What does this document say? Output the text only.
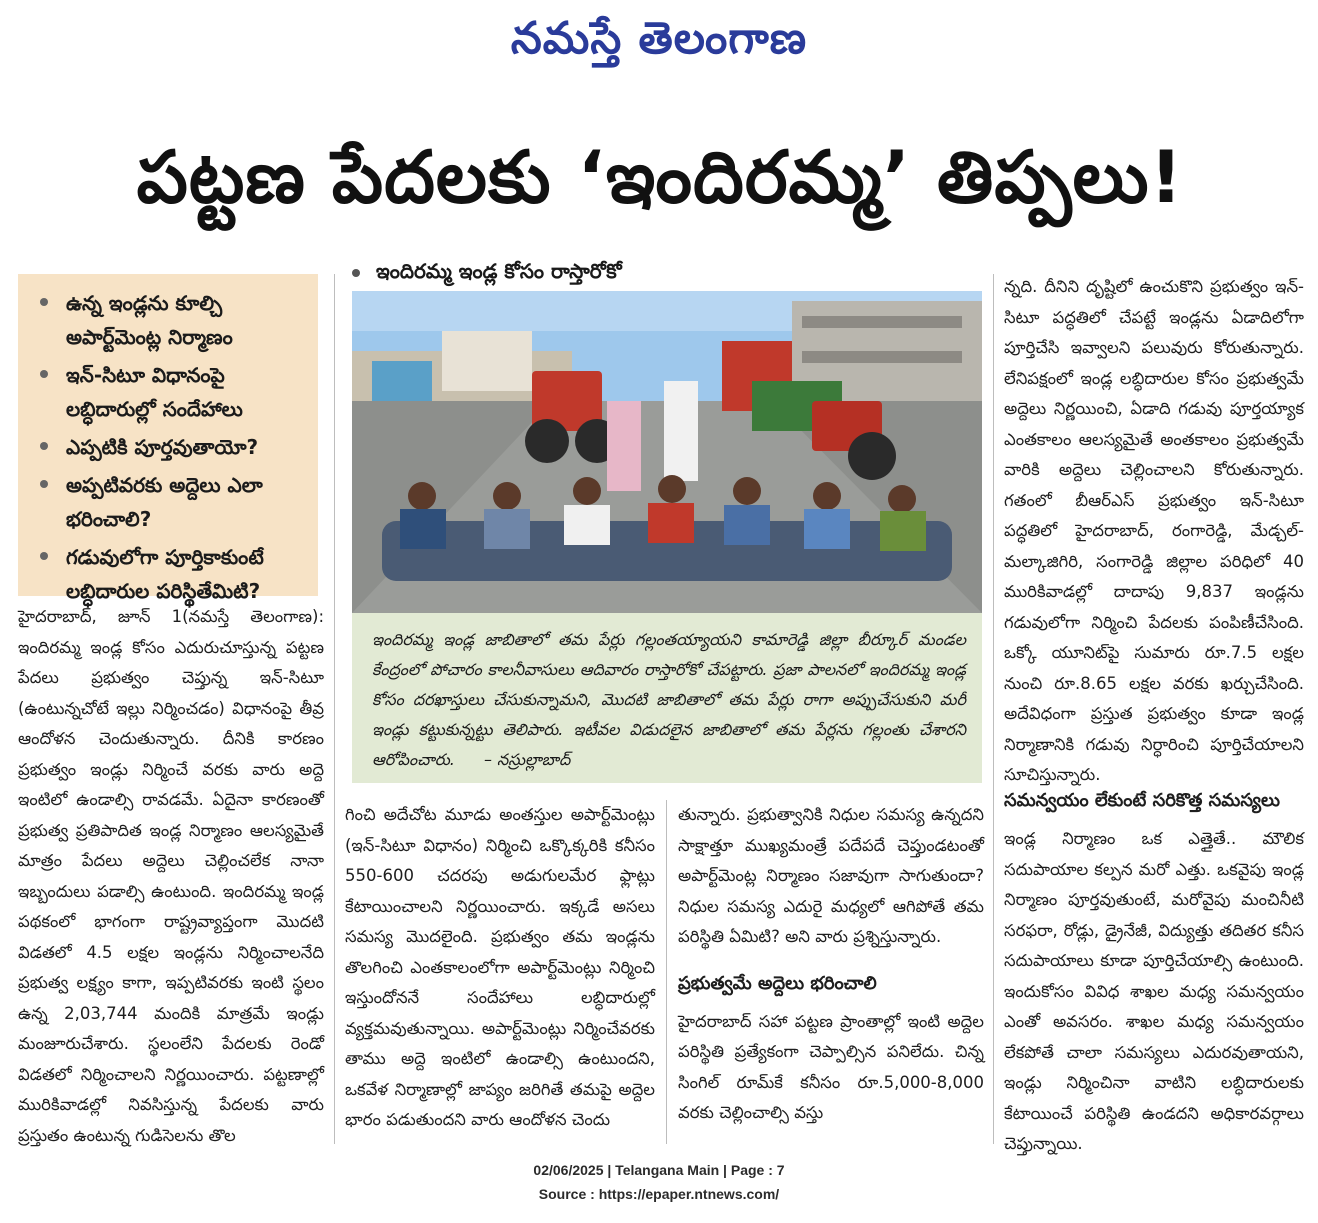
నమస్తే తెలంగాణ
పట్టణ పేదలకు ‘ఇందిరమ్మ’ తిప్పలు!
ఉన్న ఇండ్లను కూల్చి అపార్ట్‌మెంట్ల నిర్మాణం
ఇన్‌-సిటూ విధానంపై లబ్ధిదారుల్లో సందేహాలు
ఎప్పటికి పూర్తవుతాయో?
అప్పటివరకు అద్దెలు ఎలా భరించాలి?
గడువులోగా పూర్తికాకుంటే లబ్ధిదారుల పరిస్థితేమిటి?

హైదరాబాద్‌, జూన్‌ 1(నమస్తే తెలంగాణ): ఇందిరమ్మ ఇండ్ల కోసం ఎదురుచూస్తున్న పట్టణ పేదలు ప్రభుత్వం చెప్తున్న ఇన్‌-సిటూ (ఉంటున్నచోటే ఇల్లు నిర్మించడం) విధానంపై తీవ్ర ఆందోళన చెందుతున్నారు. దీనికి కారణం ప్రభుత్వం ఇండ్లు నిర్మించే వరకు వారు అద్దె ఇంటిలో ఉండాల్సి రావడమే. ఏదైనా కారణంతో ప్రభుత్వ ప్రతిపాదిత ఇండ్ల నిర్మాణం ఆలస్యమైతే మాత్రం పేదలు అద్దెలు చెల్లించలేక నానా ఇబ్బందులు పడాల్సి ఉంటుంది. ఇందిరమ్మ ఇండ్ల పథకంలో భాగంగా రాష్ట్రవ్యాప్తంగా మొదటి విడతలో 4.5 లక్షల ఇండ్లను నిర్మించాలనేది ప్రభుత్వ లక్ష్యం కాగా, ఇప్పటివరకు ఇంటి స్థలం ఉన్న 2,03,744 మందికి మాత్రమే ఇండ్లు మంజూరుచేశారు. స్థలంలేని పేదలకు రెండో విడతలో నిర్మించాలని నిర్ణయించారు. పట్టణాల్లో మురికివాడల్లో నివసిస్తున్న పేదలకు వారు ప్రస్తుతం ఉంటున్న గుడిసెలను తొల

ఇందిరమ్మ ఇండ్ల కోసం రాస్తారోకో
ఇందిరమ్మ ఇండ్ల జాబితాలో తమ పేర్లు గల్లంతయ్యాయని కామారెడ్డి జిల్లా బీర్కూర్ మండల కేంద్రంలో పోచారం కాలనీవాసులు ఆదివారం రాస్తారోకో చేపట్టారు. ప్రజా పాలనలో ఇందిరమ్మ ఇండ్ల కోసం దరఖాస్తులు చేసుకున్నామని, మొదటి జాబితాలో తమ పేర్లు రాగా అప్పుచేసుకుని మరీ ఇండ్లు కట్టుకున్నట్టు తెలిపారు. ఇటీవల విడుదలైన జాబితాలో తమ పేర్లను గల్లంతు చేశారని ఆరోపించారు. – నస్రుల్లాబాద్

గించి అదేచోట మూడు అంతస్తుల అపార్ట్‌మెంట్లు (ఇన్‌-సిటూ విధానం) నిర్మించి ఒక్కొక్కరికి కనీసం 550-600 చదరపు అడుగులమేర ఫ్లాట్లు కేటాయించాలని నిర్ణయించారు. ఇక్కడే అసలు సమస్య మొదలైంది. ప్రభుత్వం తమ ఇండ్లను తొలగించి ఎంతకాలంలోగా అపార్ట్‌మెంట్లు నిర్మించి ఇస్తుందోననే సందేహాలు లబ్ధిదారుల్లో వ్యక్తమవుతున్నాయి. అపార్ట్‌మెంట్లు నిర్మించేవరకు తాము అద్దె ఇంటిలో ఉండాల్సి ఉంటుందని, ఒకవేళ నిర్మాణాల్లో జాప్యం జరిగితే తమపై అద్దెల భారం పడుతుందని వారు ఆందోళన చెందు

తున్నారు. ప్రభుత్వానికి నిధుల సమస్య ఉన్నదని సాక్షాత్తూ ముఖ్యమంత్రే పదేపదే చెప్తుండటంతో అపార్ట్‌మెంట్ల నిర్మాణం సజావుగా సాగుతుందా? నిధుల సమస్య ఎదురై మధ్యలో ఆగిపోతే తమ పరిస్థితి ఏమిటి? అని వారు ప్రశ్నిస్తున్నారు.

ప్రభుత్వమే అద్దెలు భరించాలి

హైదరాబాద్‌ సహా పట్టణ ప్రాంతాల్లో ఇంటి అద్దెల పరిస్థితి ప్రత్యేకంగా చెప్పాల్సిన పనిలేదు. చిన్న సింగిల్‌ రూమ్‌కే కనీసం రూ.5,000-8,000 వరకు చెల్లించాల్సి వస్తు

న్నది. దీనిని దృష్టిలో ఉంచుకొని ప్రభుత్వం ఇన్‌-సిటూ పద్ధతిలో చేపట్టే ఇండ్లను ఏడాదిలోగా పూర్తిచేసి ఇవ్వాలని పలువురు కోరుతున్నారు. లేనిపక్షంలో ఇండ్ల లబ్ధిదారుల కోసం ప్రభుత్వమే అద్దెలు నిర్ణయించి, ఏడాది గడువు పూర్తయ్యాక ఎంతకాలం ఆలస్యమైతే అంతకాలం ప్రభుత్వమే వారికి అద్దెలు చెల్లించాలని కోరుతున్నారు. గతంలో బీఆర్‌ఎస్‌ ప్రభుత్వం ఇన్‌-సిటూ పద్ధతిలో హైదరాబాద్‌, రంగారెడ్డి, మేడ్చల్‌-మల్కాజిగిరి, సంగారెడ్డి జిల్లాల పరిధిలో 40 మురికివాడల్లో దాదాపు 9,837 ఇండ్లను గడువులోగా నిర్మించి పేదలకు పంపిణీచేసింది. ఒక్కో యూనిట్‌పై సుమారు రూ.7.5 లక్షల నుంచి రూ.8.65 లక్షల వరకు ఖర్చుచేసింది. అదేవిధంగా ప్రస్తుత ప్రభుత్వం కూడా ఇండ్ల నిర్మాణానికి గడువు నిర్ధారించి పూర్తిచేయాలని సూచిస్తున్నారు.

సమన్వయం లేకుంటే సరికొత్త సమస్యలు

ఇండ్ల నిర్మాణం ఒక ఎత్తైతే.. మౌలిక సదుపాయాల కల్పన మరో ఎత్తు. ఒకవైపు ఇండ్ల నిర్మాణం పూర్తవుతుంటే, మరోవైపు మంచినీటి సరఫరా, రోడ్లు, డ్రైనేజీ, విద్యుత్తు తదితర కనీస సదుపాయాలు కూడా పూర్తిచేయాల్సి ఉంటుంది. ఇందుకోసం వివిధ శాఖల మధ్య సమన్వయం ఎంతో అవసరం. శాఖల మధ్య సమన్వయం లేకపోతే చాలా సమస్యలు ఎదురవుతాయని, ఇండ్లు నిర్మించినా వాటిని లబ్ధిదారులకు కేటాయించే పరిస్థితి ఉండదని అధికారవర్గాలు చెప్తున్నాయి.

02/06/2025 | Telangana Main | Page : 7
Source : https://epaper.ntnews.com/
